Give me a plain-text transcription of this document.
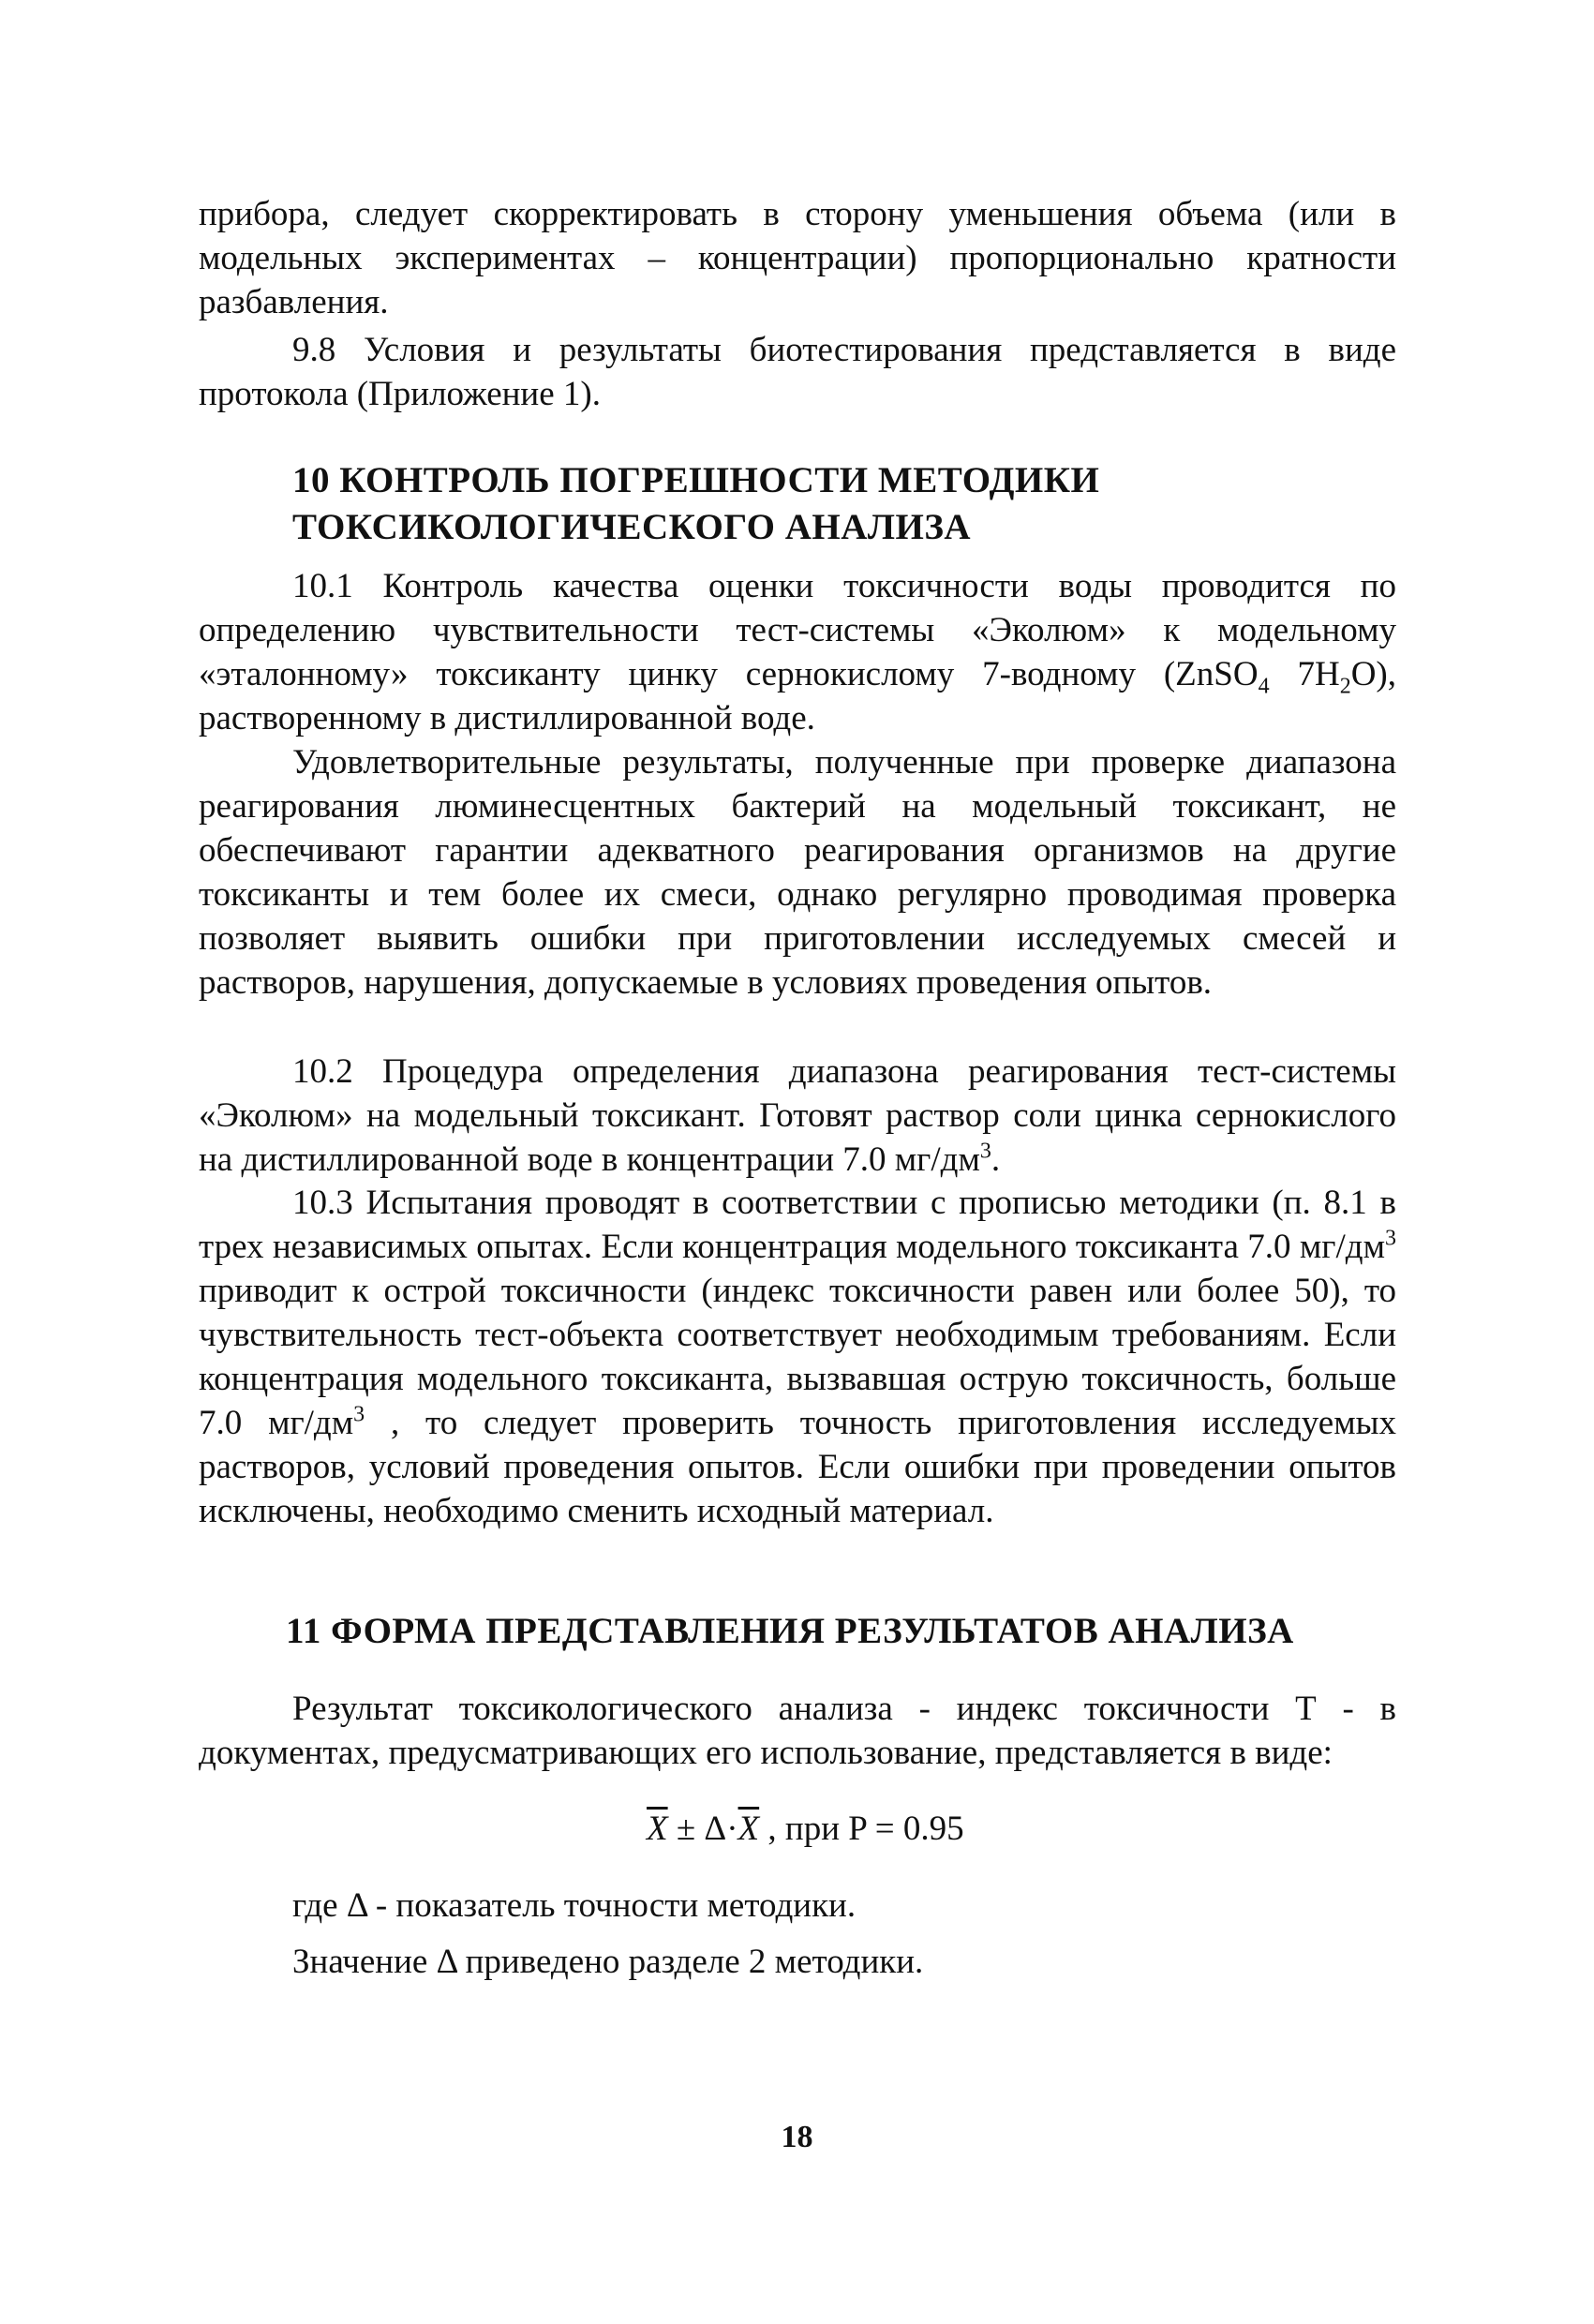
прибора, следует скорректировать в сторону уменьшения объема (или в модельных экспериментах – концентрации) пропорционально кратности разбавления.

9.8 Условия и результаты биотестирования представляется в виде протокола (Приложение 1).

10 КОНТРОЛЬ ПОГРЕШНОСТИ МЕТОДИКИ
ТОКСИКОЛОГИЧЕСКОГО АНАЛИЗА

10.1 Контроль качества оценки токсичности воды проводится по определению чувствительности тест-системы «Эколюм» к модельному «эталонному» токсиканту цинку сернокислому 7-водному (ZnSO$_4$ $7H_2O$), растворенному в дистиллированной воде.

Удовлетворительные результаты, полученные при проверке диапазона реагирования люминесцентных бактерий на модельный токсикант, не обеспечивают гарантии адекватного реагирования организмов на другие токсиканты и тем более их смеси, однако регулярно проводимая проверка позволяет выявить ошибки при приготовлении исследуемых смесей и растворов, нарушения, допускаемые в условиях проведения опытов.

10.2 Процедура определения диапазона реагирования тест-системы «Эколюм» на модельный токсикант. Готовят раствор соли цинка сернокислого на дистиллированной воде в концентрации 7.0 $мг/дм^3$.

10.3 Испытания проводят в соответствии с прописью методики (п. 8.1 в трех независимых опытах. Если концентрация модельного токсиканта 7.0 $мг/дм^3$ приводит к острой токсичности (индекс токсичности равен или более 50), то чувствительность тест-объекта соответствует необходимым требованиям. Если концентрация модельного токсиканта, вызвавшая острую токсичность, больше 7.0 $мг/дм^3$ , то следует проверить точность приготовления исследуемых растворов, условий проведения опытов. Если ошибки при проведении опытов исключены, необходимо сменить исходный материал.

11 ФОРМА ПРЕДСТАВЛЕНИЯ РЕЗУЛЬТАТОВ АНАЛИЗА

Результат токсикологического анализа - индекс токсичности Т - в документах, предусматривающих его использование, представляется в виде:

$\overline{X} \pm \Delta\cdot\overline{X}$ , при P = 0.95

где Δ - показатель точности методики.

Значение Δ приведено разделе 2 методики.

18
